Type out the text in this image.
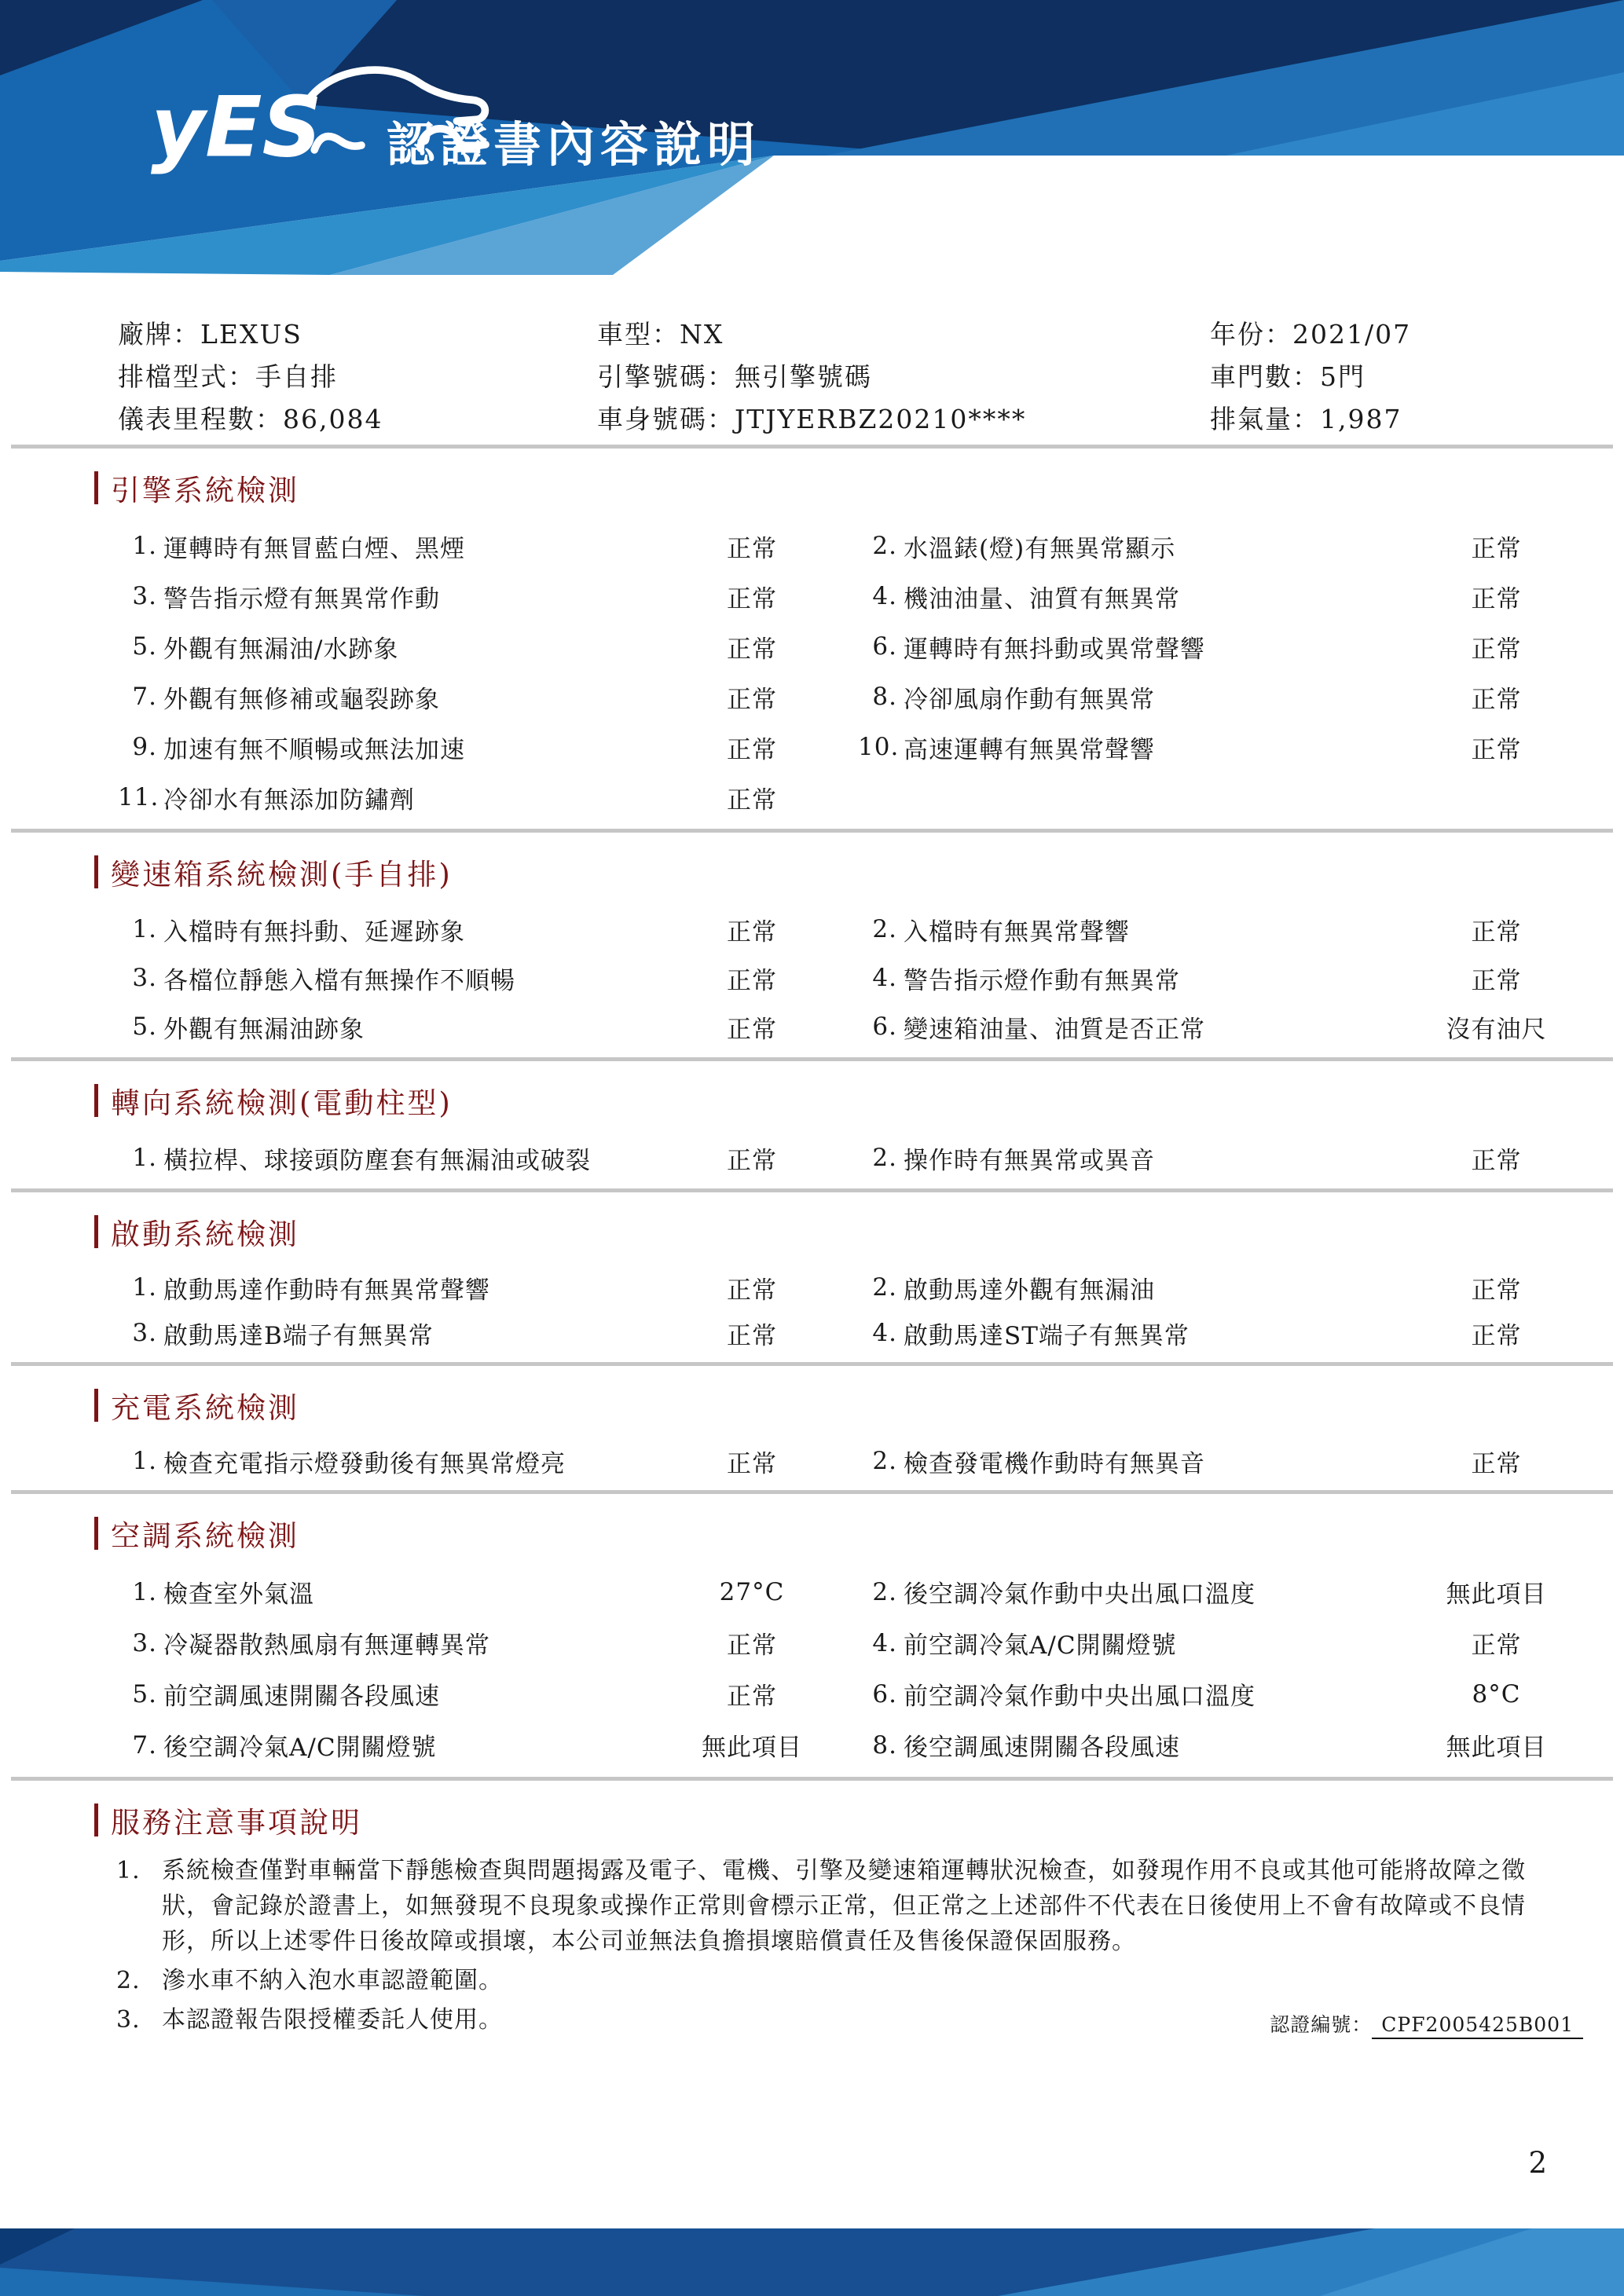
yES 認證書內容說明
廠牌：LEXUS	車型：NX	年份：2021/07
排檔型式：手自排	引擎號碼：無引擎號碼	車門數：5門
儀表里程數：86,084	車身號碼：JTJYERBZ20210****	排氣量：1,987
引擎系統檢測
1. 運轉時有無冒藍白煙、黑煙	正常	2. 水溫錶(燈)有無異常顯示	正常
3. 警告指示燈有無異常作動	正常	4. 機油油量、油質有無異常	正常
5. 外觀有無漏油/水跡象	正常	6. 運轉時有無抖動或異常聲響	正常
7. 外觀有無修補或龜裂跡象	正常	8. 冷卻風扇作動有無異常	正常
9. 加速有無不順暢或無法加速	正常	10. 高速運轉有無異常聲響	正常
11. 冷卻水有無添加防鏽劑	正常
變速箱系統檢測(手自排)
1. 入檔時有無抖動、延遲跡象	正常	2. 入檔時有無異常聲響	正常
3. 各檔位靜態入檔有無操作不順暢	正常	4. 警告指示燈作動有無異常	正常
5. 外觀有無漏油跡象	正常	6. 變速箱油量、油質是否正常	沒有油尺
轉向系統檢測(電動柱型)
1. 橫拉桿、球接頭防塵套有無漏油或破裂	正常	2. 操作時有無異常或異音	正常
啟動系統檢測
1. 啟動馬達作動時有無異常聲響	正常	2. 啟動馬達外觀有無漏油	正常
3. 啟動馬達B端子有無異常	正常	4. 啟動馬達ST端子有無異常	正常
充電系統檢測
1. 檢查充電指示燈發動後有無異常燈亮	正常	2. 檢查發電機作動時有無異音	正常
空調系統檢測
1. 檢查室外氣溫	27°C	2. 後空調冷氣作動中央出風口溫度	無此項目
3. 冷凝器散熱風扇有無運轉異常	正常	4. 前空調冷氣A/C開關燈號	正常
5. 前空調風速開關各段風速	正常	6. 前空調冷氣作動中央出風口溫度	8°C
7. 後空調冷氣A/C開關燈號	無此項目	8. 後空調風速開關各段風速	無此項目
服務注意事項說明
1. 系統檢查僅對車輛當下靜態檢查與問題揭露及電子、電機、引擎及變速箱運轉狀況檢查，如發現作用不良或其他可能將故障之徵狀，會記錄於證書上，如無發現不良現象或操作正常則會標示正常，但正常之上述部件不代表在日後使用上不會有故障或不良情形，所以上述零件日後故障或損壞，本公司並無法負擔損壞賠償責任及售後保證保固服務。
2. 滲水車不納入泡水車認證範圍。
3. 本認證報告限授權委託人使用。	認證編號： CPF2005425B001
2
